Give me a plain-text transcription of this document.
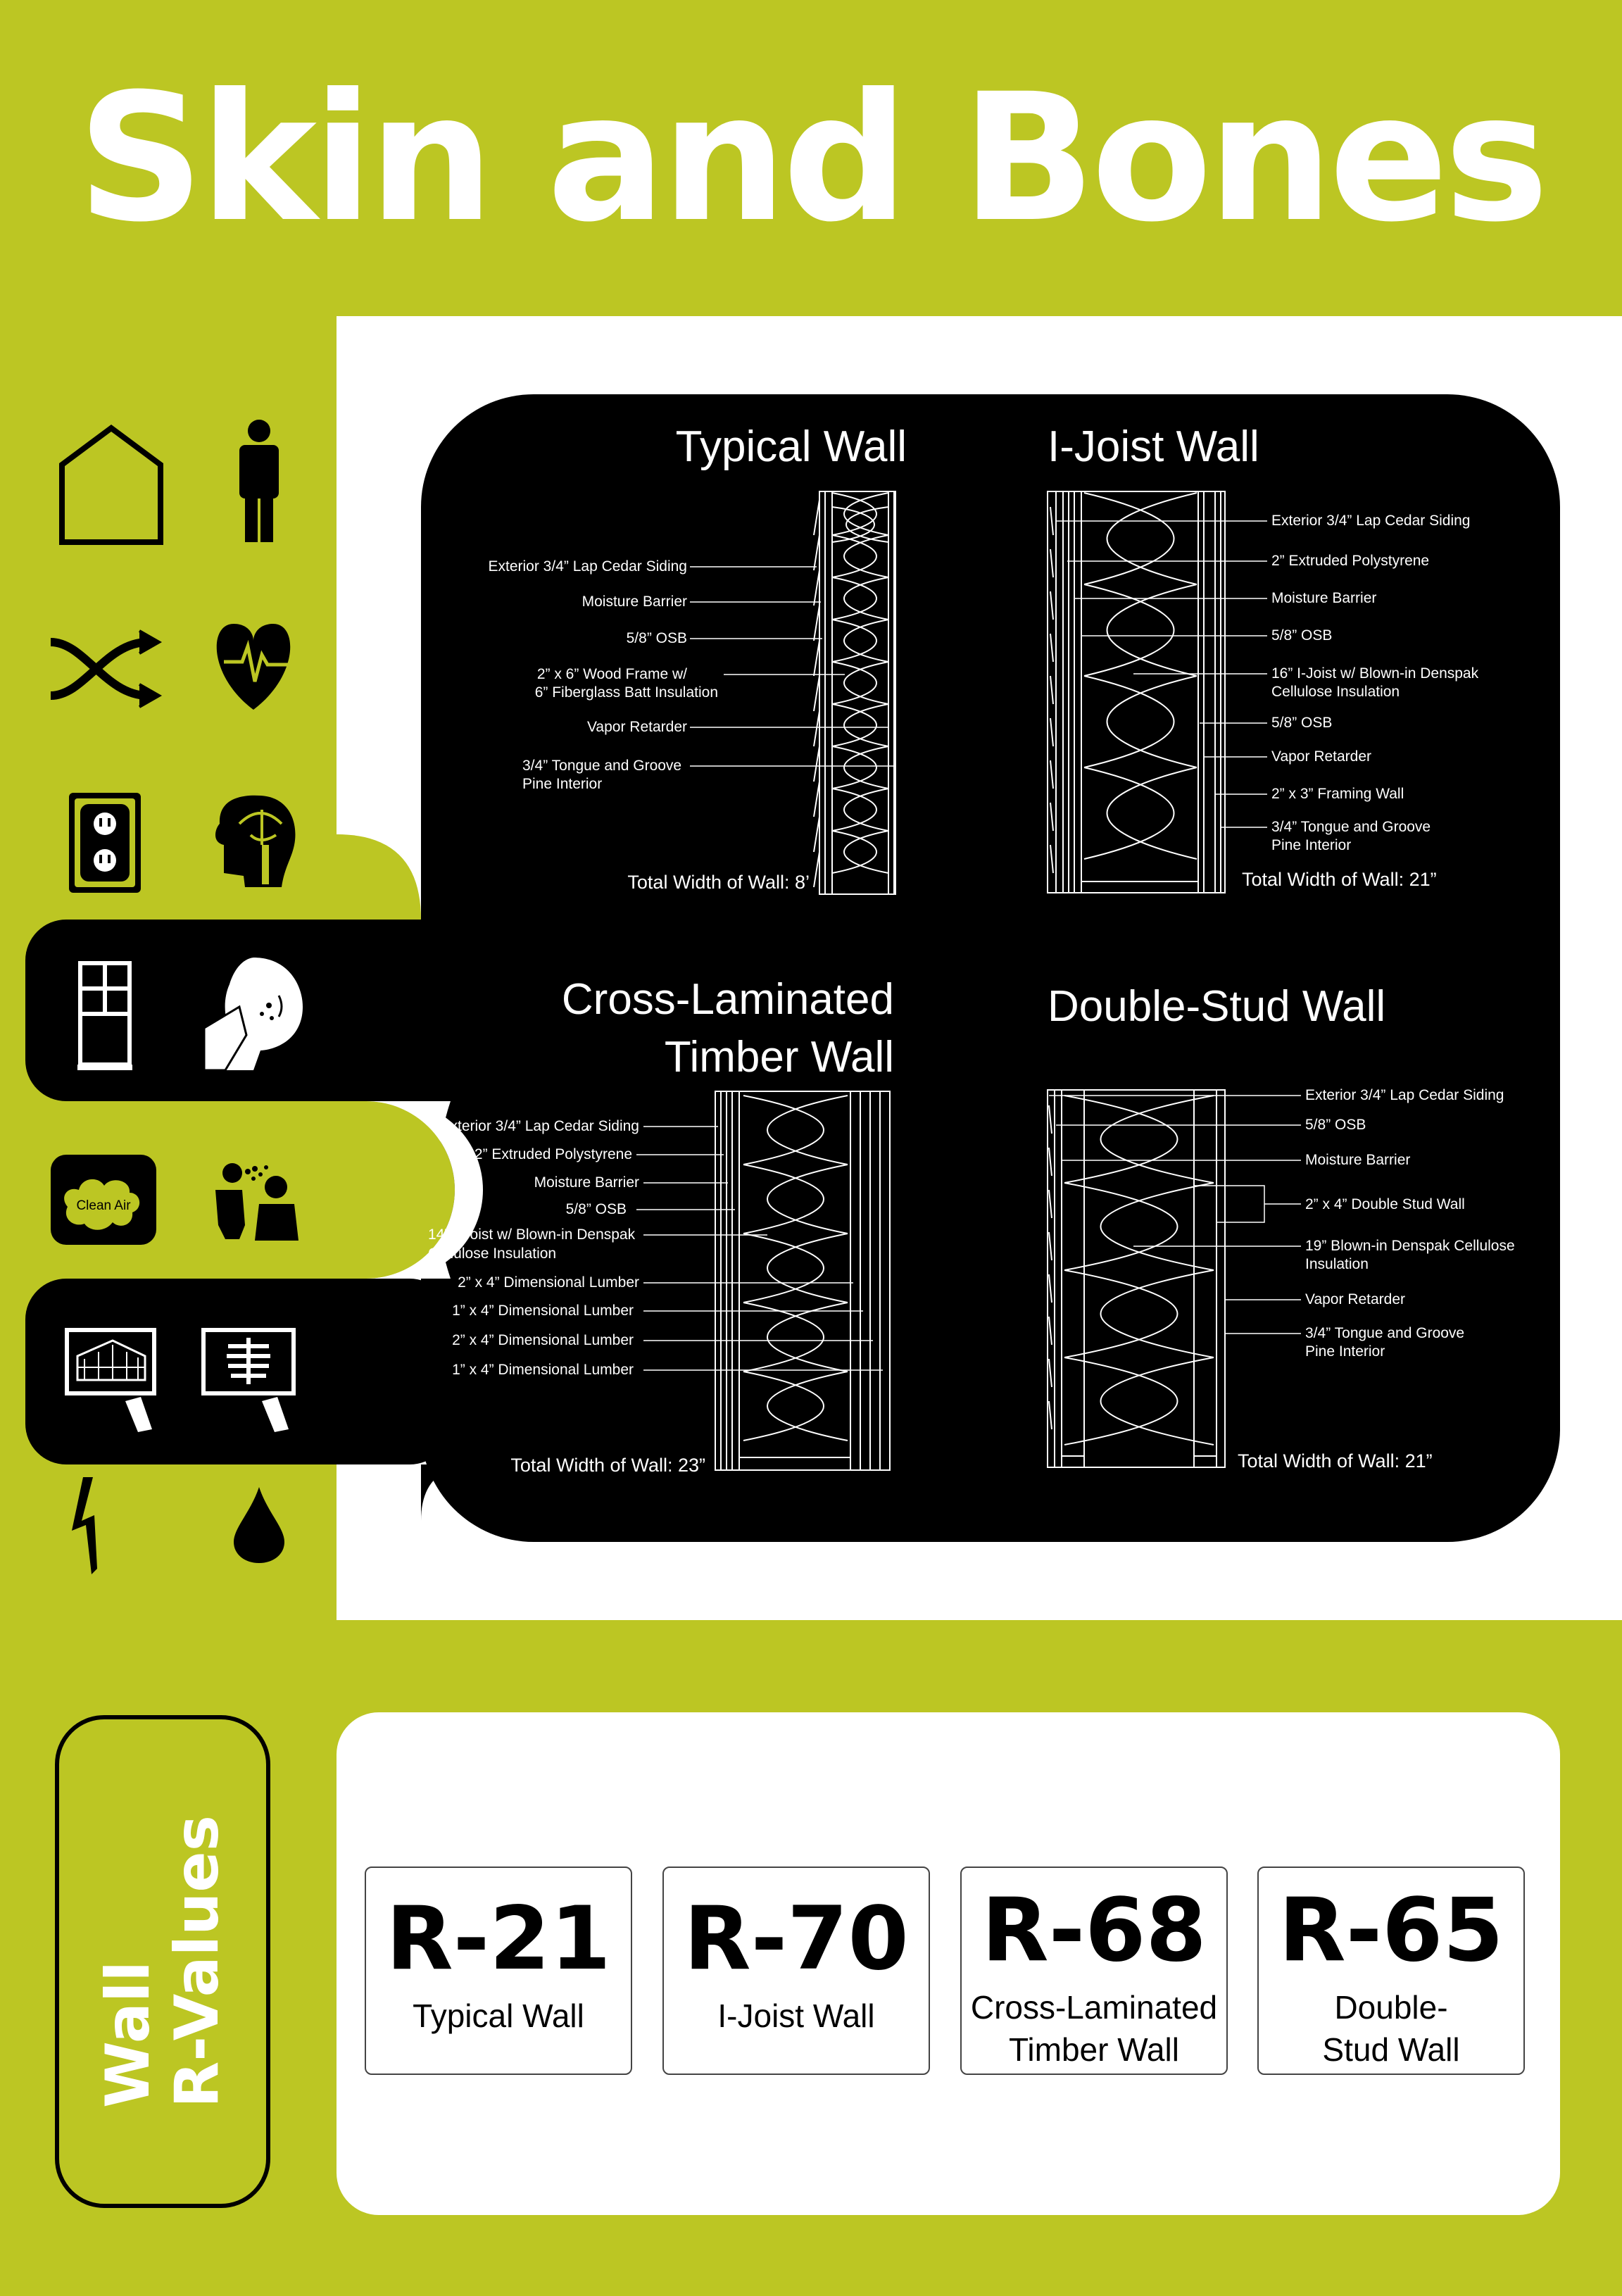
Skin and Bones
Clean Air
Typical Wall
Exterior 3/4” Lap Cedar Siding
Moisture Barrier
5/8” OSB
2” x 6” Wood Frame w/
6” Fiberglass Batt Insulation
Vapor Retarder
3/4” Tongue and Groove
Pine Interior
Total Width of Wall: 8’
I-Joist Wall
Exterior 3/4” Lap Cedar Siding
2” Extruded Polystyrene
Moisture Barrier
5/8” OSB
16” I-Joist w/ Blown-in Denspak
Cellulose Insulation
5/8” OSB
Vapor Retarder
2” x 3” Framing Wall
3/4” Tongue and Groove
Pine Interior
Total Width of Wall: 21”
Cross-Laminated
Timber Wall
Exterior 3/4” Lap Cedar Siding
2” Extruded Polystyrene
Moisture Barrier
5/8” OSB
2” x 4” Dimensional Lumber
1” x 4” Dimensional Lumber
2” x 4” Dimensional Lumber
1” x 4” Dimensional Lumber
14” I-Joist w/ Blown-in Denspak
Cellulose Insulation
Total Width of Wall: 23”
Double-Stud Wall
Exterior 3/4” Lap Cedar Siding
5/8” OSB
Moisture Barrier
2” x 4” Double Stud Wall
19” Blown-in Denspak Cellulose
Insulation
Vapor Retarder
3/4” Tongue and Groove
Pine Interior
Total Width of Wall: 21”
Wall
R-Values R-21
Typical Wall
R-70
I-Joist Wall
R-68
Cross-Laminated
Timber Wall
R-65
Double-
Stud Wall
